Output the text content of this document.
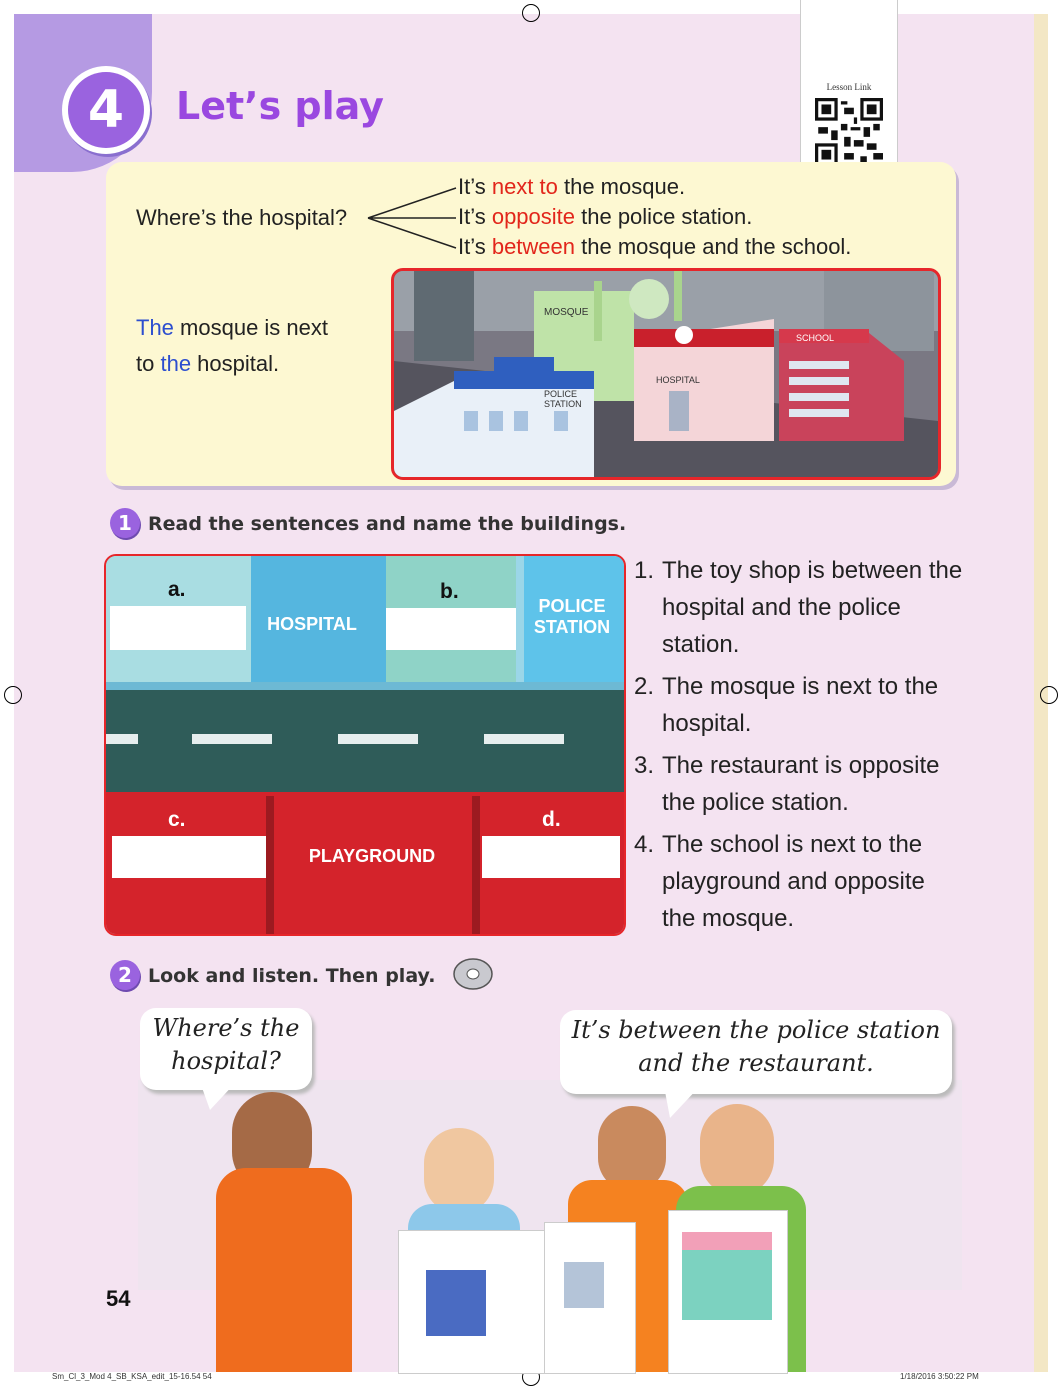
4	Let’s play	Lesson Link
Where’s the hospital?
It’s next to the mosque.
It’s opposite the police station.
It’s between the mosque and the school.
The mosque is next
to the hospital.
MOSQUE
HOSPITAL
SCHOOL
POLICE
STATION
1 Read the sentences and name the buildings.
a.
HOSPITAL
b.
POLICE
STATION
c.
PLAYGROUND
d.
1. The toy shop is between the hospital and the police station.
2. The mosque is next to the hospital.
3. The restaurant is opposite the police station.
4. The school is next to the playground and opposite the mosque.
2 Look and listen. Then play.
Where’s the
hospital?
It’s between the police station
and the restaurant.
54
Sm_Cl_3_Mod 4_SB_KSA_edit_15-16.54 54	1/18/2016 3:50:22 PM
